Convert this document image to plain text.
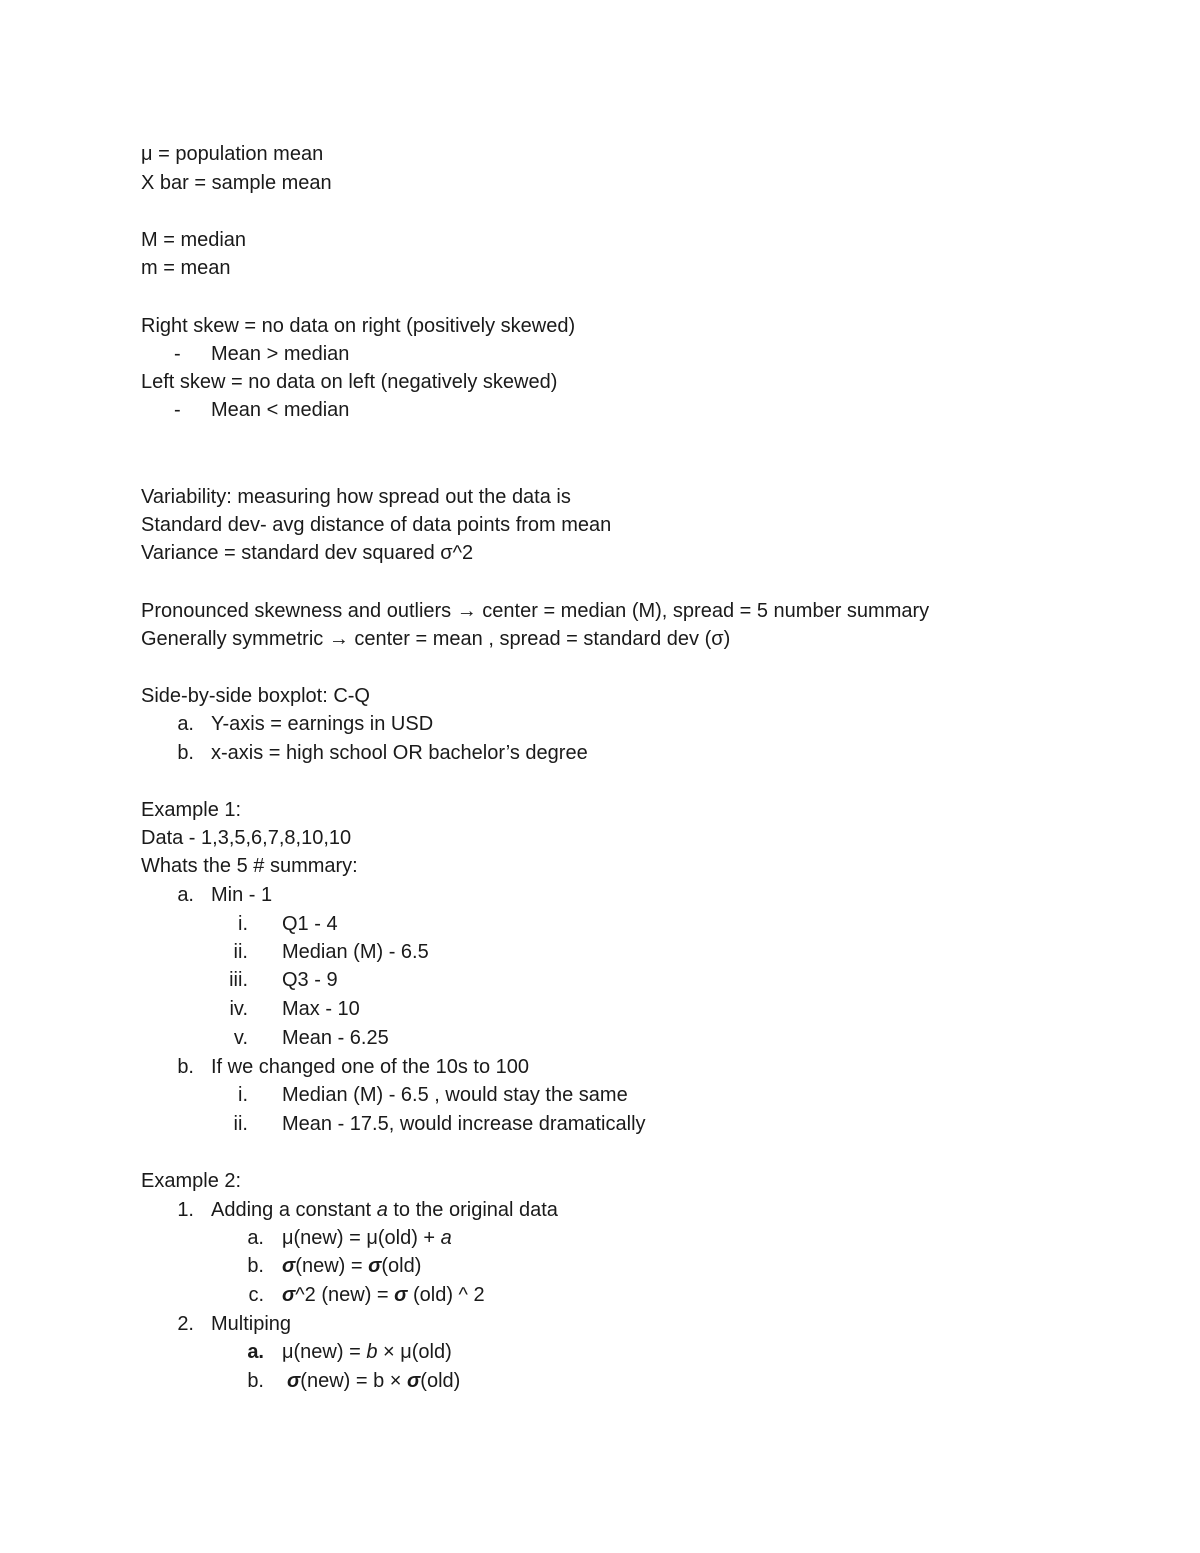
μ = population mean
X bar = sample mean
M = median
m = mean
Right skew = no data on right (positively skewed)
- Mean > median
Left skew = no data on left (negatively skewed)
- Mean < median
Variability: measuring how spread out the data is
Standard dev- avg distance of data points from mean
Variance = standard dev squared σ^2
Pronounced skewness and outliers → center = median (M), spread = 5 number summary
Generally symmetric → center = mean , spread = standard dev (σ)
Side-by-side boxplot: C-Q
a. Y-axis = earnings in USD
b. x-axis = high school OR bachelor’s degree
Example 1:
Data - 1,3,5,6,7,8,10,10
Whats the 5 # summary:
a. Min - 1
i. Q1 - 4
ii. Median (M) - 6.5
iii. Q3 - 9
iv. Max - 10
v. Mean - 6.25
b. If we changed one of the 10s to 100
i. Median (M) - 6.5 , would stay the same
ii. Mean - 17.5, would increase dramatically
Example 2:
1. Adding a constant a to the original data
a. μ(new) = μ(old) + a
b. σ(new) = σ(old)
c. σ^2 (new) = σ (old) ^ 2
2. Multiping
a. μ(new) = b × μ(old)
b. σ(new) = b × σ(old)
